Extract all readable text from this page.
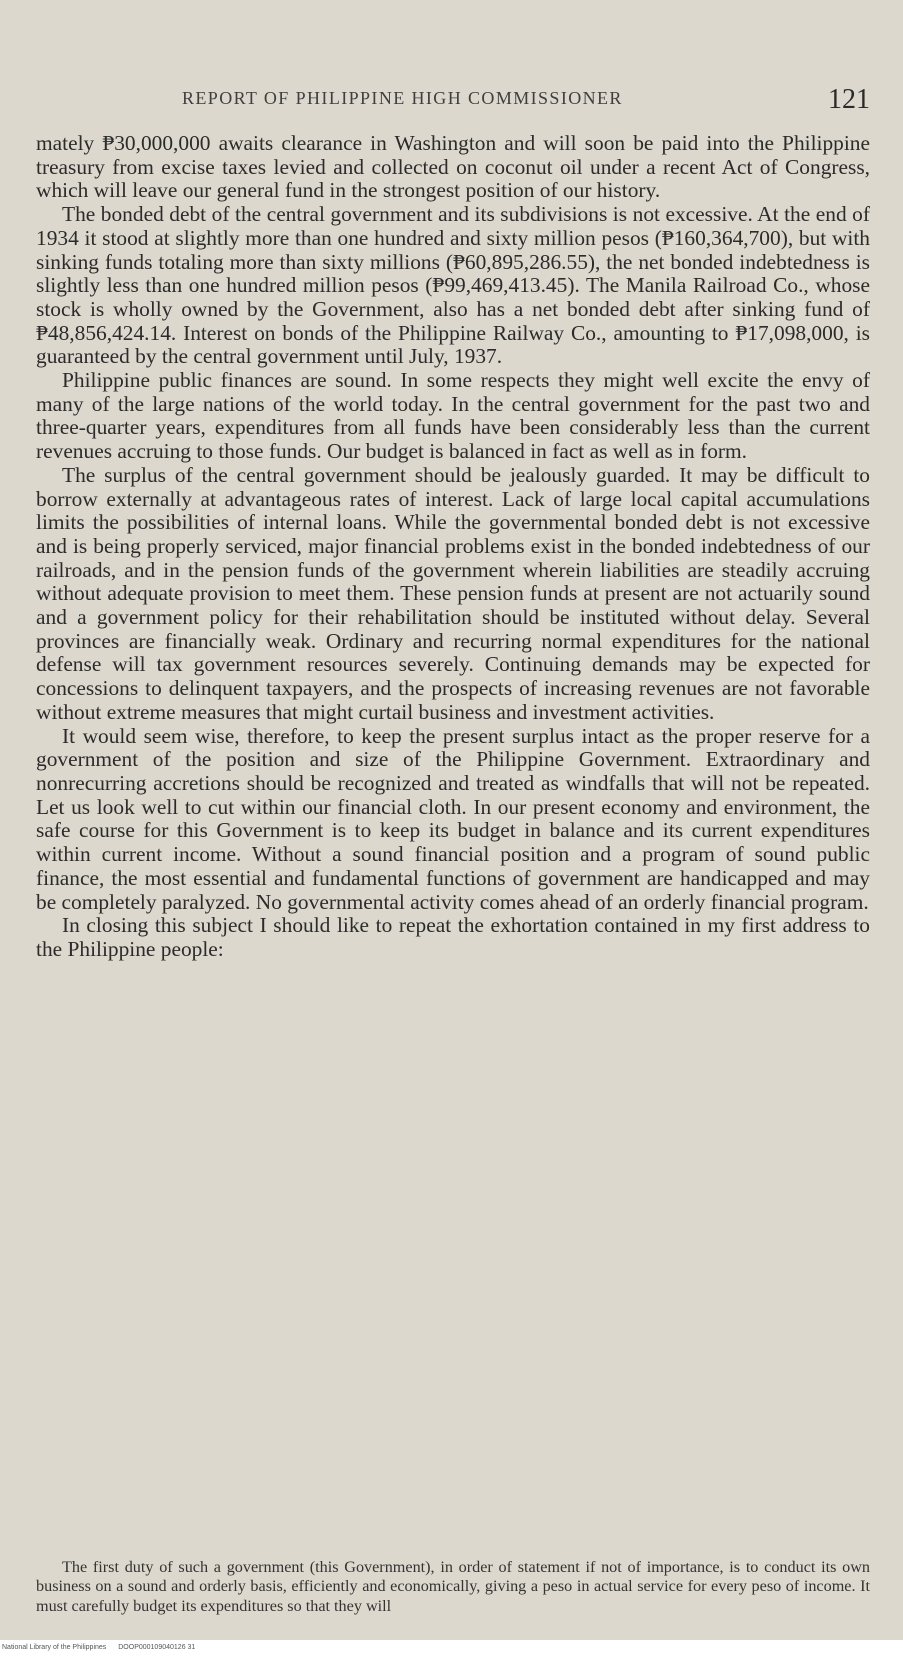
REPORT OF PHILIPPINE HIGH COMMISSIONER	121

mately ₱30,000,000 awaits clearance in Washington and will soon be paid into the Philippine treasury from excise taxes levied and collected on coconut oil under a recent Act of Congress, which will leave our general fund in the strongest position of our history.

The bonded debt of the central government and its subdivisions is not excessive. At the end of 1934 it stood at slightly more than one hundred and sixty million pesos (₱160,364,700), but with sinking funds totaling more than sixty millions (₱60,895,286.55), the net bonded indebtedness is slightly less than one hundred million pesos (₱99,469,413.45). The Manila Railroad Co., whose stock is wholly owned by the Government, also has a net bonded debt after sinking fund of ₱48,856,424.14. Interest on bonds of the Philippine Railway Co., amounting to ₱17,098,000, is guaranteed by the central government until July, 1937.

Philippine public finances are sound. In some respects they might well excite the envy of many of the large nations of the world today. In the central government for the past two and three-quarter years, expenditures from all funds have been considerably less than the current revenues accruing to those funds. Our budget is balanced in fact as well as in form.

The surplus of the central government should be jealously guarded. It may be difficult to borrow externally at advantageous rates of interest. Lack of large local capital accumulations limits the possibilities of internal loans. While the governmental bonded debt is not excessive and is being properly serviced, major financial problems exist in the bonded indebtedness of our railroads, and in the pension funds of the government wherein liabilities are steadily accruing without adequate provision to meet them. These pension funds at present are not actuarily sound and a government policy for their rehabilitation should be instituted without delay. Several provinces are financially weak. Ordinary and recurring normal expenditures for the national defense will tax government resources severely. Continuing demands may be expected for concessions to delinquent taxpayers, and the prospects of increasing revenues are not favorable without extreme measures that might curtail business and investment activities.

It would seem wise, therefore, to keep the present surplus intact as the proper reserve for a government of the position and size of the Philippine Government. Extraordinary and nonrecurring accretions should be recognized and treated as windfalls that will not be repeated. Let us look well to cut within our financial cloth. In our present economy and environment, the safe course for this Government is to keep its budget in balance and its current expenditures within current income. Without a sound financial position and a program of sound public finance, the most essential and fundamental functions of government are handicapped and may be completely paralyzed. No governmental activity comes ahead of an orderly financial program.

In closing this subject I should like to repeat the exhortation contained in my first address to the Philippine people:

The first duty of such a government (this Government), in order of statement if not of importance, is to conduct its own business on a sound and orderly basis, efficiently and economically, giving a peso in actual service for every peso of income. It must carefully budget its expenditures so that they will

National Library of the Philippines DOOP000109040126 31
